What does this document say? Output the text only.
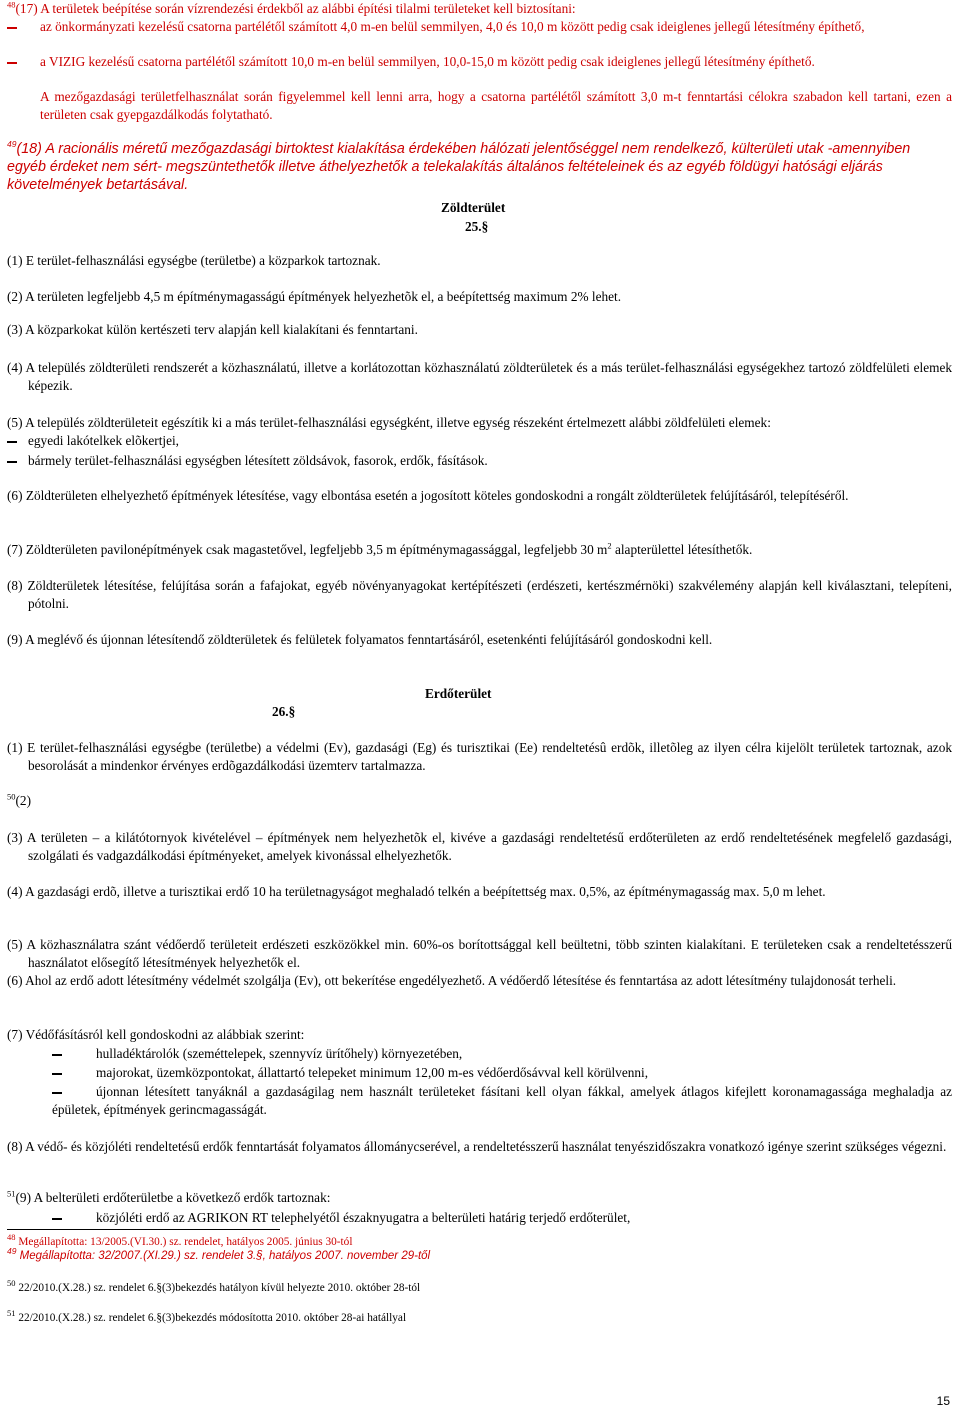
$^{48}$(17) A területek beépítése során vízrendezési érdekből az alábbi építési tilalmi területeket kell biztosítani:
az önkormányzati kezelésű csatorna partélétől számított 4,0 m-en belül semmilyen, 4,0 és 10,0 m között pedig csak ideiglenes jellegű létesítmény építhető,
a VIZIG kezelésű csatorna partélétől számított 10,0 m-en belül semmilyen, 10,0-15,0 m között pedig csak ideiglenes jellegű létesítmény építhető.
A mezőgazdasági területfelhasználat során figyelemmel kell lenni arra, hogy a csatorna partélétől számított 3,0 m-t fenntartási célokra szabadon kell tartani, ezen a területen csak gyepgazdálkodás folytatható.
$^{49}$(18) A racionális méretű mezőgazdasági birtoktest kialakítása érdekében hálózati jelentőséggel nem rendelkező, külterületi utak -amennyiben egyéb érdeket nem sért- megszüntethetők illetve áthelyezhetők a telekalakítás általános feltételeinek és az egyéb földügyi hatósági eljárás követelmények betartásával.
Zöldterület
25.§
(1) E terület-felhasználási egységbe (területbe) a közparkok tartoznak.
(2) A területen legfeljebb 4,5 m építménymagasságú építmények helyezhetõk el, a beépítettség maximum 2% lehet.
(3) A közparkokat külön kertészeti terv alapján kell kialakítani és fenntartani.
(4) A település zöldterületi rendszerét a közhasználatú, illetve a korlátozottan közhasználatú zöldterületek és a más terület-felhasználási egységekhez tartozó zöldfelületi elemek képezik.
(5) A település zöldterületeit egészítik ki a más terület-felhasználási egységként, illetve egység részeként értelmezett alábbi zöldfelületi elemek:
egyedi lakótelkek elõkertjei,
bármely terület-felhasználási egységben létesített zöldsávok, fasorok, erdők, fásítások.
(6) Zöldterületen elhelyezhető építmények létesítése, vagy elbontása esetén a jogosított köteles gondoskodni a rongált zöldterületek felújításáról, telepítéséről.
(7) Zöldterületen pavilonépítmények csak magastetővel, legfeljebb 3,5 m építménymagassággal, legfeljebb 30 $m^2$ alapterülettel létesíthetők.
(8) Zöldterületek létesítése, felújítása során a fafajokat, egyéb növényanyagokat kertépítészeti (erdészeti, kertészmérnöki) szakvélemény alapján kell kiválasztani, telepíteni, pótolni.
(9) A meglévő és újonnan létesítendő zöldterületek és felületek folyamatos fenntartásáról, esetenkénti felújításáról gondoskodni kell.
Erdőterület
26.§
(1) E terület-felhasználási egységbe (területbe) a védelmi (Ev), gazdasági (Eg) és turisztikai (Ee) rendeltetésû erdõk, illetõleg az ilyen célra kijelölt területek tartoznak, azok besorolását a mindenkor érvényes erdõgazdálkodási üzemterv tartalmazza.
$^{50}$(2)
(3) A területen – a kilátótornyok kivételével – építmények nem helyezhetõk el, kivéve a gazdasági rendeltetésű erdőterületen az erdő rendeltetésének megfelelő gazdasági, szolgálati és vadgazdálkodási építményeket, amelyek kivonással elhelyezhetők.
(4) A gazdasági erdõ, illetve a turisztikai erdő 10 ha területnagyságot meghaladó telkén a beépítettség max. 0,5%, az építménymagasság max. 5,0 m lehet.
(5) A közhasználatra szánt védőerdő területeit erdészeti eszközökkel min. 60%-os borítottsággal kell beültetni, több szinten kialakítani. E területeken csak a rendeltetésszerű használatot elősegítő létesítmények helyezhetők el.
(6) Ahol az erdő adott létesítmény védelmét szolgálja (Ev), ott bekerítése engedélyezhető. A védőerdő létesítése és fenntartása az adott létesítmény tulajdonosát terheli.
(7) Védőfásításról kell gondoskodni az alábbiak szerint:
hulladéktárolók (szeméttelepek, szennyvíz ürítőhely) környezetében,
majorokat, üzemközpontokat, állattartó telepeket minimum 12,00 m-es védőerdősávval kell körülvenni,
újonnan létesített tanyáknál a gazdaságilag nem használt területeket fásítani kell olyan fákkal, amelyek átlagos kifejlett koronamagassága meghaladja az épületek, építmények gerincmagasságát.
(8) A védő- és közjóléti rendeltetésű erdők fenntartását folyamatos állománycserével, a rendeltetésszerű használat tenyészidőszakra vonatkozó igénye szerint szükséges végezni.
$^{51}$(9) A belterületi erdőterületbe a következő erdők tartoznak:
közjóléti erdő az AGRIKON RT telephelyétől északnyugatra a belterületi határig terjedő erdőterület,
$^{48}$ Megállapította: 13/2005.(VI.30.) sz. rendelet, hatályos 2005. június 30-tól
$^{49}$ Megállapította: 32/2007.(XI.29.) sz. rendelet 3.§, hatályos 2007. november 29-től
$^{50}$ 22/2010.(X.28.) sz. rendelet 6.§(3)bekezdés hatályon kívül helyezte 2010. október 28-tól
$^{51}$ 22/2010.(X.28.) sz. rendelet 6.§(3)bekezdés módosította 2010. október 28-ai hatállyal
15
